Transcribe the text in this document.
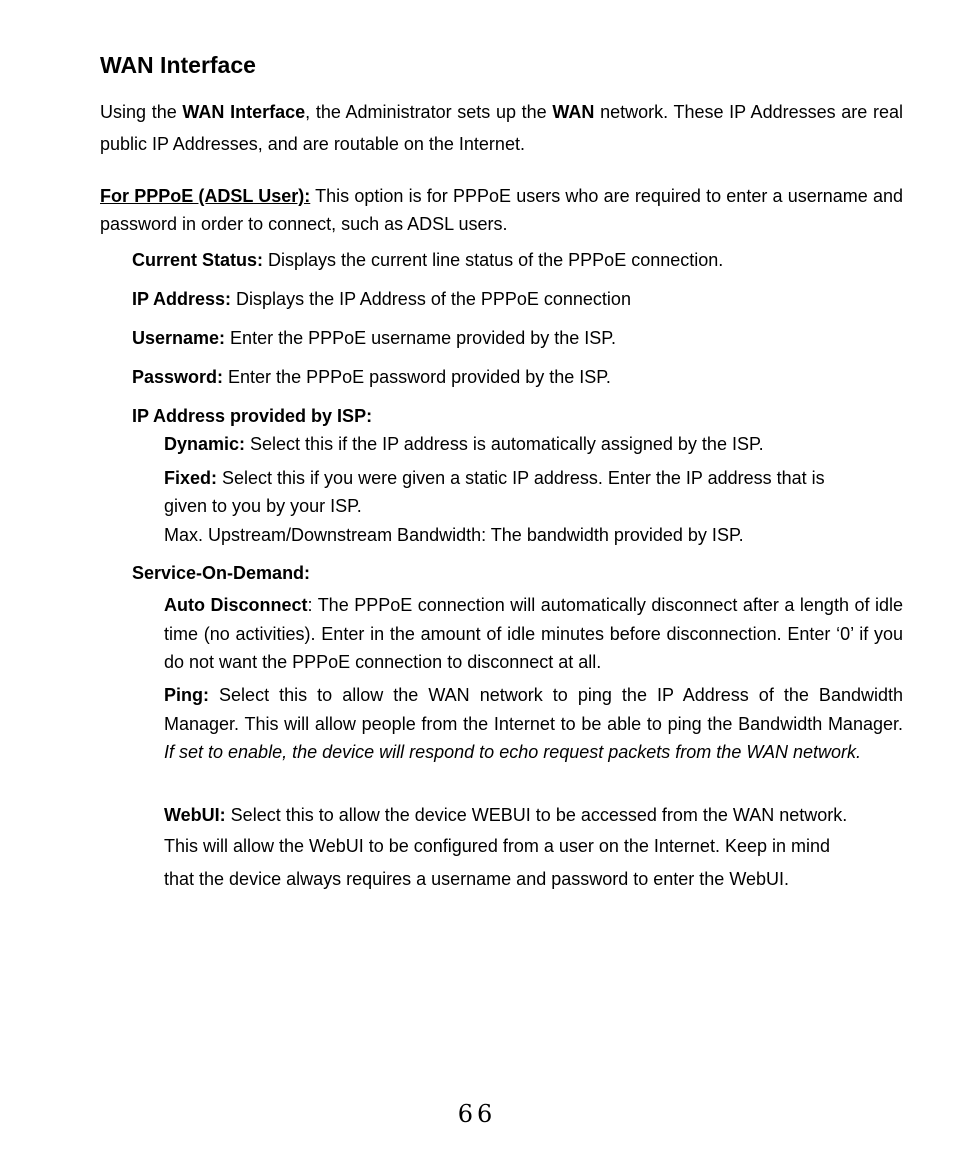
WAN Interface
Using the WAN Interface, the Administrator sets up the WAN network. These IP Addresses are real public IP Addresses, and are routable on the Internet.
For PPPoE (ADSL User): This option is for PPPoE users who are required to enter a username and password in order to connect, such as ADSL users.
Current Status: Displays the current line status of the PPPoE connection.
IP Address: Displays the IP Address of the PPPoE connection
Username: Enter the PPPoE username provided by the ISP.
Password: Enter the PPPoE password provided by the ISP.
IP Address provided by ISP:
Dynamic: Select this if the IP address is automatically assigned by the ISP.
Fixed: Select this if you were given a static IP address. Enter the IP address that is
given to you by your ISP.
Max. Upstream/Downstream Bandwidth: The bandwidth provided by ISP.
Service-On-Demand:
Auto Disconnect: The PPPoE connection will automatically disconnect after a length of idle time (no activities). Enter in the amount of idle minutes before disconnection. Enter ‘0’ if you do not want the PPPoE connection to disconnect at all.
Ping: Select this to allow the WAN network to ping the IP Address of the Bandwidth Manager. This will allow people from the Internet to be able to ping the Bandwidth Manager. If set to enable, the device will respond to echo request packets from the WAN network.
WebUI: Select this to allow the device WEBUI to be accessed from the WAN network.
This will allow the WebUI to be configured from a user on the Internet. Keep in mind
that the device always requires a username and password to enter the WebUI.
66
